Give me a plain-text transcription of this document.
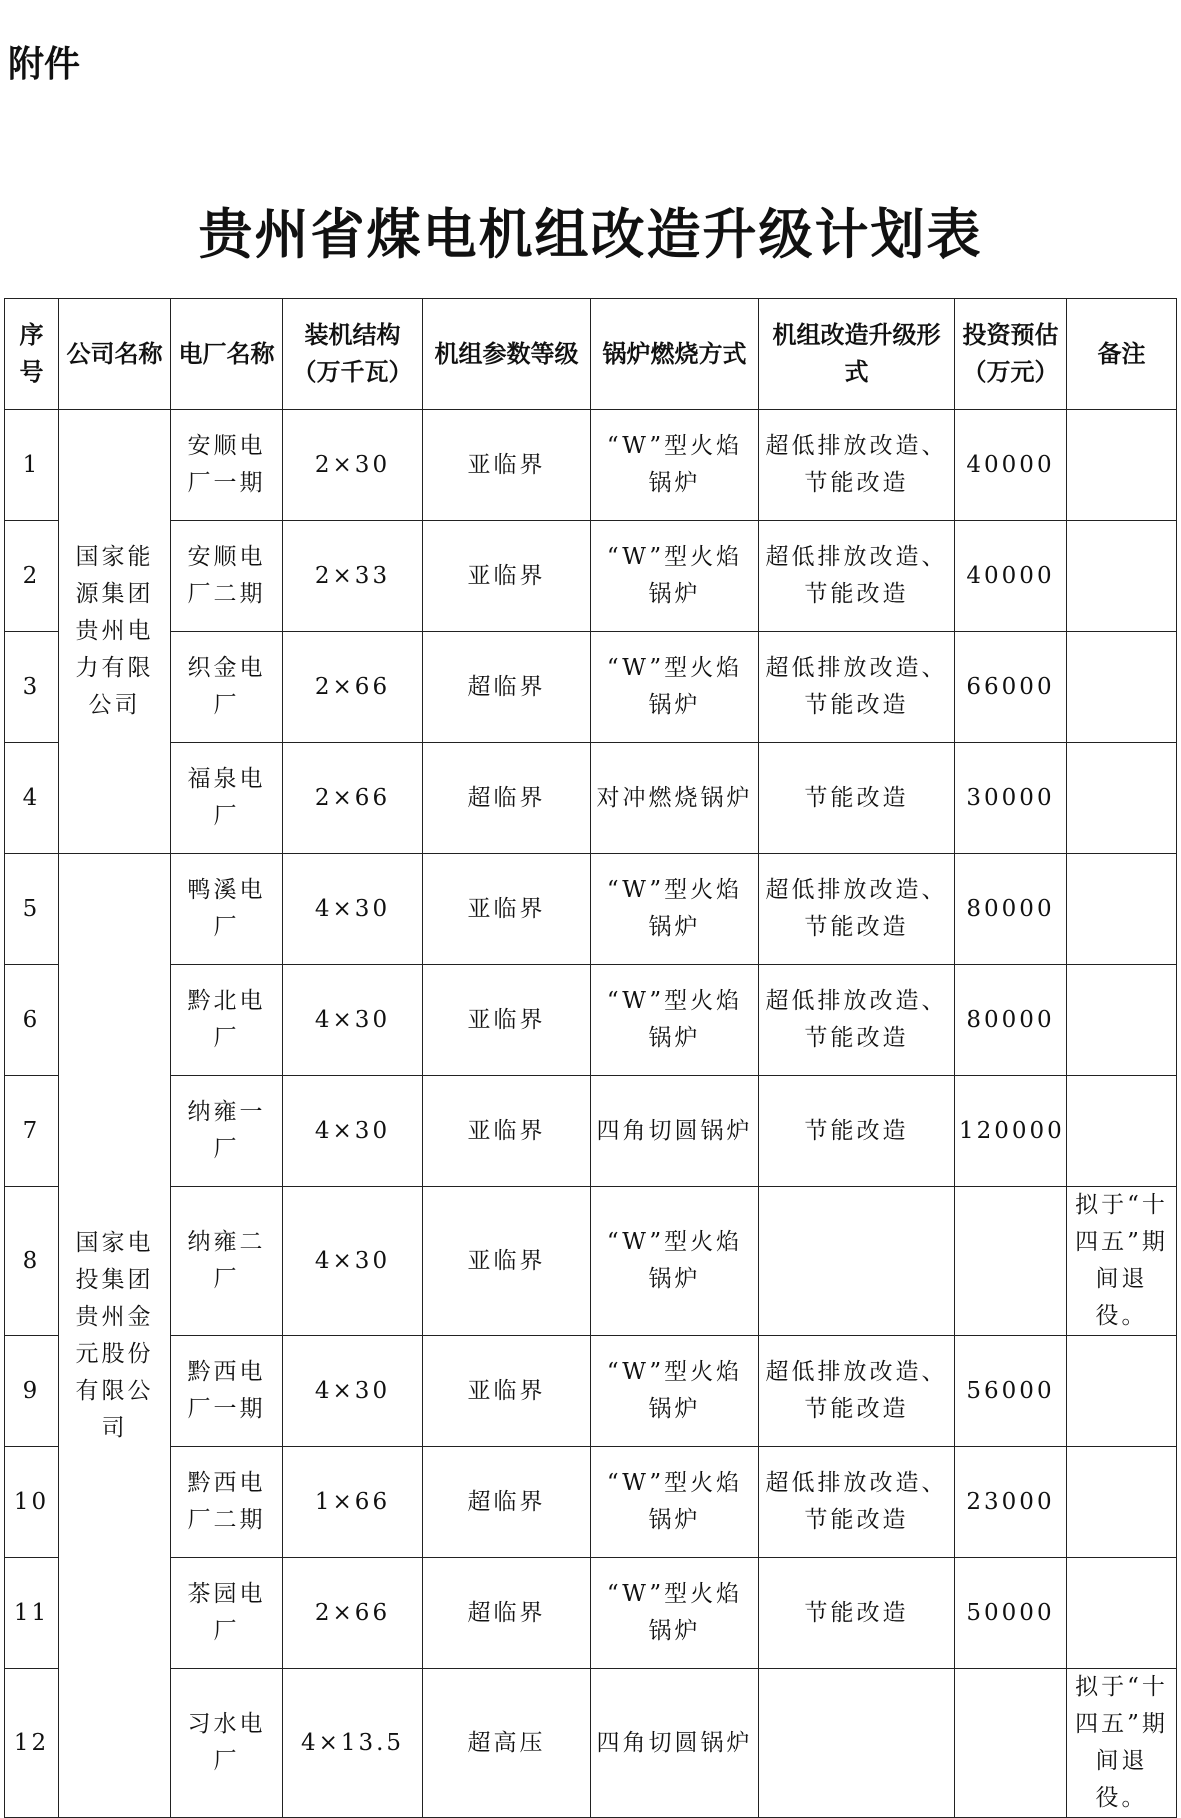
附件
贵州省煤电机组改造升级计划表
序号	公司名称	电厂名称	装机结构（万千瓦）	机组参数等级	锅炉燃烧方式	机组改造升级形式	投资预估（万元）	备注
1	国家能源集团贵州电力有限公司	安顺电厂一期	2×30	亚临界	“W”型火焰锅炉	超低排放改造、节能改造	40000	
2		安顺电厂二期	2×33	亚临界	“W”型火焰锅炉	超低排放改造、节能改造	40000	
3		织金电厂	2×66	超临界	“W”型火焰锅炉	超低排放改造、节能改造	66000	
4		福泉电厂	2×66	超临界	对冲燃烧锅炉	节能改造	30000	
5	国家电投集团贵州金元股份有限公司	鸭溪电厂	4×30	亚临界	“W”型火焰锅炉	超低排放改造、节能改造	80000	
6		黔北电厂	4×30	亚临界	“W”型火焰锅炉	超低排放改造、节能改造	80000	
7		纳雍一厂	4×30	亚临界	四角切圆锅炉	节能改造	120000	
8		纳雍二厂	4×30	亚临界	“W”型火焰锅炉			拟于“十四五”期间退役。
9		黔西电厂一期	4×30	亚临界	“W”型火焰锅炉	超低排放改造、节能改造	56000	
10		黔西电厂二期	1×66	超临界	“W”型火焰锅炉	超低排放改造、节能改造	23000	
11		茶园电厂	2×66	超临界	“W”型火焰锅炉	节能改造	50000	
12		习水电厂	4×13.5	超高压	四角切圆锅炉			拟于“十四五”期间退役。
